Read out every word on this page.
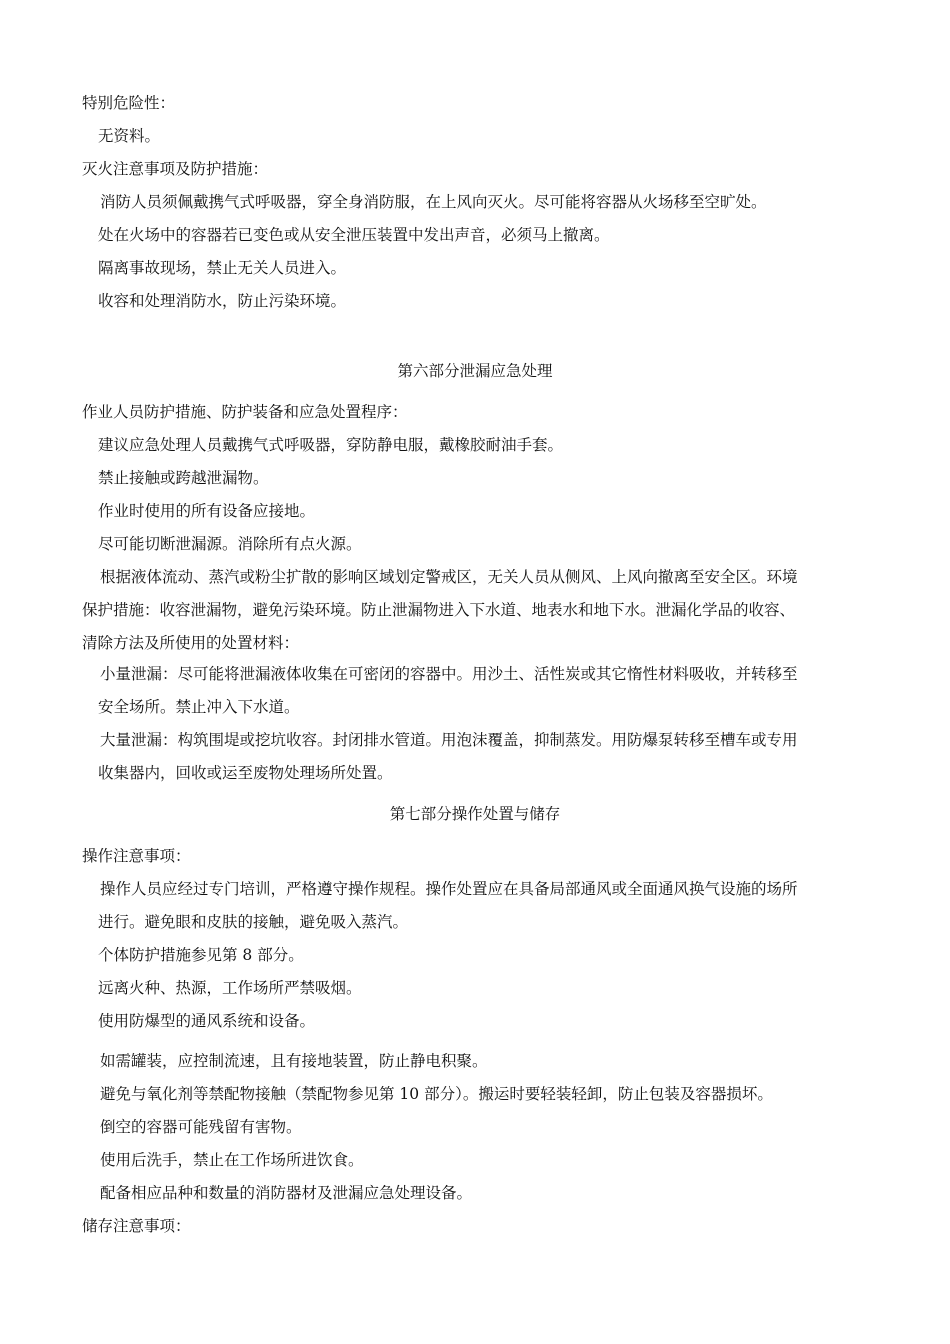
特别危险性：
无资料。
灭火注意事项及防护措施：
消防人员须佩戴携气式呼吸器，穿全身消防服，在上风向灭火。尽可能将容器从火场移至空旷处。
处在火场中的容器若已变色或从安全泄压装置中发出声音，必须马上撤离。
隔离事故现场，禁止无关人员进入。
收容和处理消防水，防止污染环境。
第六部分泄漏应急处理
作业人员防护措施、防护装备和应急处置程序：
建议应急处理人员戴携气式呼吸器，穿防静电服，戴橡胶耐油手套。
禁止接触或跨越泄漏物。
作业时使用的所有设备应接地。
尽可能切断泄漏源。消除所有点火源。
根据液体流动、蒸汽或粉尘扩散的影响区域划定警戒区，无关人员从侧风、上风向撤离至安全区。环境
保护措施：收容泄漏物，避免污染环境。防止泄漏物进入下水道、地表水和地下水。泄漏化学品的收容、
清除方法及所使用的处置材料：
小量泄漏：尽可能将泄漏液体收集在可密闭的容器中。用沙土、活性炭或其它惰性材料吸收，并转移至
安全场所。禁止冲入下水道。
大量泄漏：构筑围堤或挖坑收容。封闭排水管道。用泡沫覆盖，抑制蒸发。用防爆泵转移至槽车或专用
收集器内，回收或运至废物处理场所处置。
第七部分操作处置与储存
操作注意事项：
操作人员应经过专门培训，严格遵守操作规程。操作处置应在具备局部通风或全面通风换气设施的场所
进行。避免眼和皮肤的接触，避免吸入蒸汽。
个体防护措施参见第 8 部分。
远离火种、热源，工作场所严禁吸烟。
使用防爆型的通风系统和设备。
如需罐装，应控制流速，且有接地装置，防止静电积聚。
避免与氧化剂等禁配物接触（禁配物参见第 10 部分）。搬运时要轻装轻卸，防止包装及容器损坏。
倒空的容器可能残留有害物。
使用后洗手，禁止在工作场所进饮食。
配备相应品种和数量的消防器材及泄漏应急处理设备。
储存注意事项：
